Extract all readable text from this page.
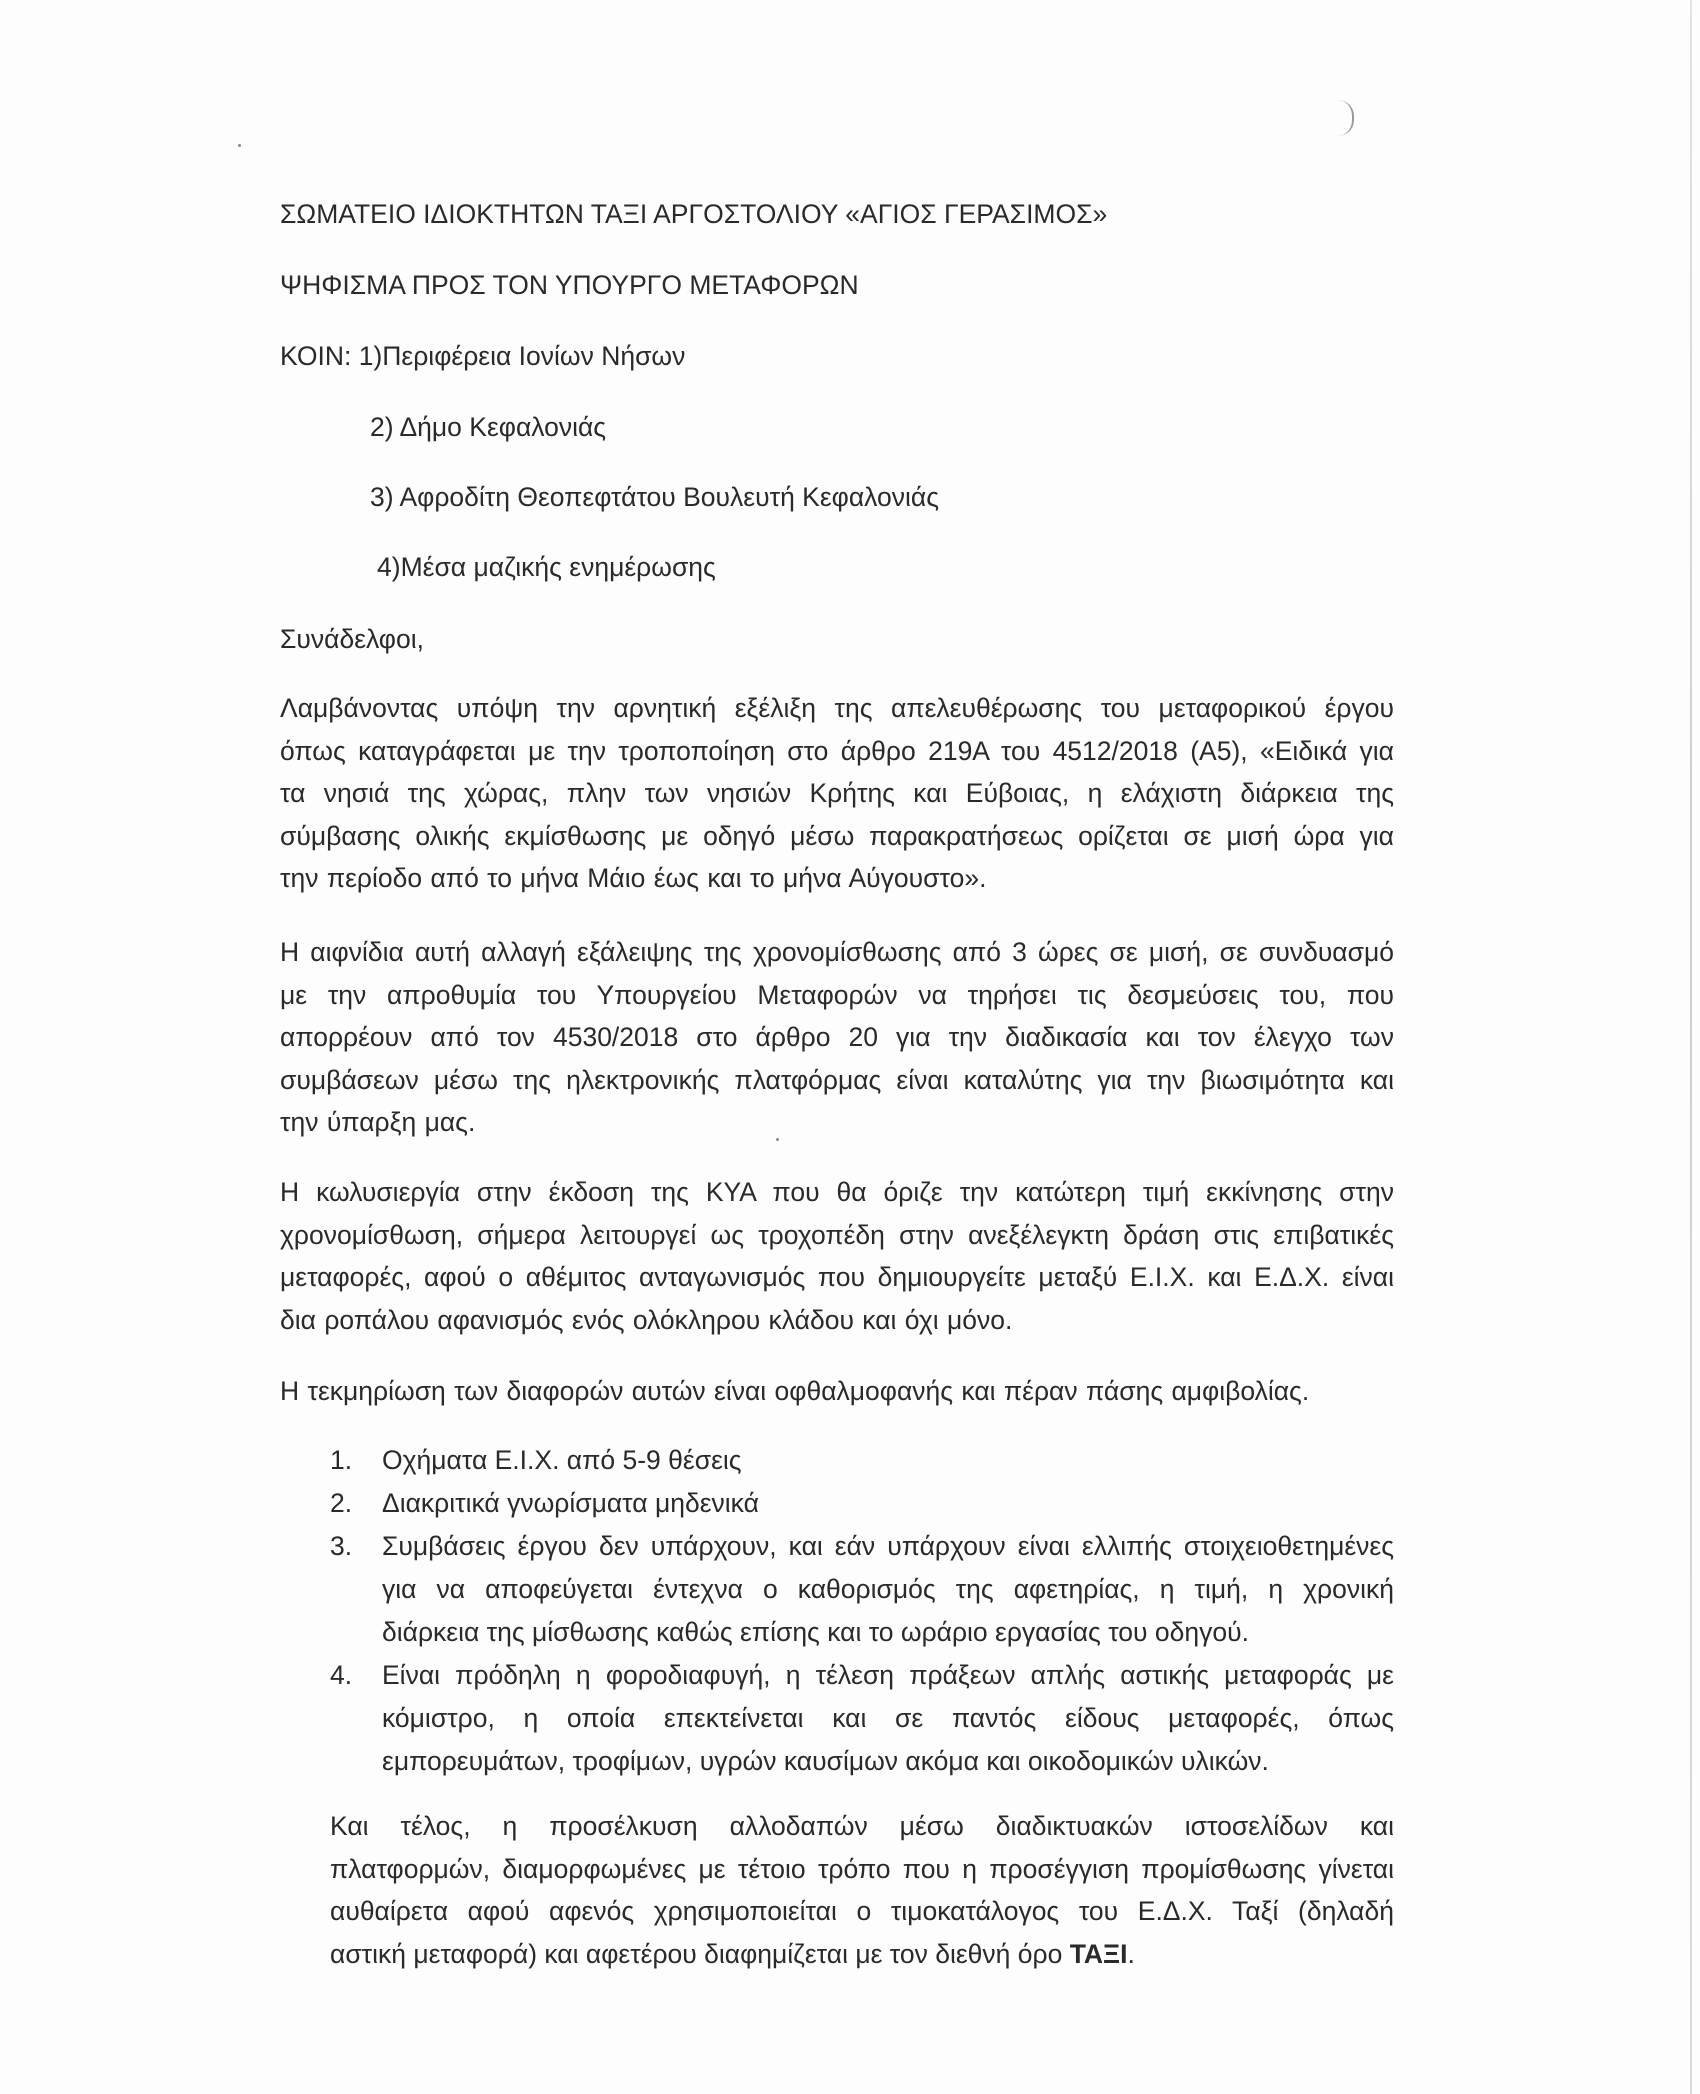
ΣΩΜΑΤΕΙΟ ΙΔΙΟΚΤΗΤΩΝ ΤΑΞΙ ΑΡΓΟΣΤΟΛΙΟΥ «ΑΓΙΟΣ ΓΕΡΑΣΙΜΟΣ»
ΨΗΦΙΣΜΑ ΠΡΟΣ ΤΟΝ ΥΠΟΥΡΓΟ ΜΕΤΑΦΟΡΩΝ
ΚΟΙΝ: 1)Περιφέρεια Ιονίων Νήσων
2) Δήμο Κεφαλονιάς
3) Αφροδίτη Θεοπεφτάτου Βουλευτή Κεφαλονιάς
4)Μέσα μαζικής ενημέρωσης
Συνάδελφοι,
Λαμβάνοντας υπόψη την αρνητική εξέλιξη της απελευθέρωσης του μεταφορικού έργου
όπως καταγράφεται με την τροποποίηση στο άρθρο 219Α του 4512/2018 (Α5), «Ειδικά για
τα νησιά της χώρας, πλην των νησιών Κρήτης και Εύβοιας, η ελάχιστη διάρκεια της
σύμβασης ολικής εκμίσθωσης με οδηγό μέσω παρακρατήσεως ορίζεται σε μισή ώρα για
την περίοδο από το μήνα Μάιο έως και το μήνα Αύγουστο».
Η αιφνίδια αυτή αλλαγή εξάλειψης της χρονομίσθωσης από 3 ώρες σε μισή, σε συνδυασμό
με την απροθυμία του Υπουργείου Μεταφορών να τηρήσει τις δεσμεύσεις του, που
απορρέουν από τον 4530/2018 στο άρθρο 20 για την διαδικασία και τον έλεγχο των
συμβάσεων μέσω της ηλεκτρονικής πλατφόρμας είναι καταλύτης για την βιωσιμότητα και
την ύπαρξη μας.
Η κωλυσιεργία στην έκδοση της ΚΥΑ που θα όριζε την κατώτερη τιμή εκκίνησης στην
χρονομίσθωση, σήμερα λειτουργεί ως τροχοπέδη στην ανεξέλεγκτη δράση στις επιβατικές
μεταφορές, αφού ο αθέμιτος ανταγωνισμός που δημιουργείτε μεταξύ Ε.Ι.Χ. και Ε.Δ.Χ. είναι
δια ροπάλου αφανισμός ενός ολόκληρου κλάδου και όχι μόνο.
Η τεκμηρίωση των διαφορών αυτών είναι οφθαλμοφανής και πέραν πάσης αμφιβολίας.
1. Οχήματα Ε.Ι.Χ. από 5-9 θέσεις
2. Διακριτικά γνωρίσματα μηδενικά
3. Συμβάσεις έργου δεν υπάρχουν, και εάν υπάρχουν είναι ελλιπής στοιχειοθετημένες
για να αποφεύγεται έντεχνα ο καθορισμός της αφετηρίας, η τιμή, η χρονική
διάρκεια της μίσθωσης καθώς επίσης και το ωράριο εργασίας του οδηγού.
4. Είναι πρόδηλη η φοροδιαφυγή, η τέλεση πράξεων απλής αστικής μεταφοράς με
κόμιστρο, η οποία επεκτείνεται και σε παντός είδους μεταφορές, όπως
εμπορευμάτων, τροφίμων, υγρών καυσίμων ακόμα και οικοδομικών υλικών.
Και τέλος, η προσέλκυση αλλοδαπών μέσω διαδικτυακών ιστοσελίδων και
πλατφορμών, διαμορφωμένες με τέτοιο τρόπο που η προσέγγιση προμίσθωσης γίνεται
αυθαίρετα αφού αφενός χρησιμοποιείται ο τιμοκατάλογος του Ε.Δ.Χ. Ταξί (δηλαδή
αστική μεταφορά) και αφετέρου διαφημίζεται με τον διεθνή όρο ΤΑΞΙ.
